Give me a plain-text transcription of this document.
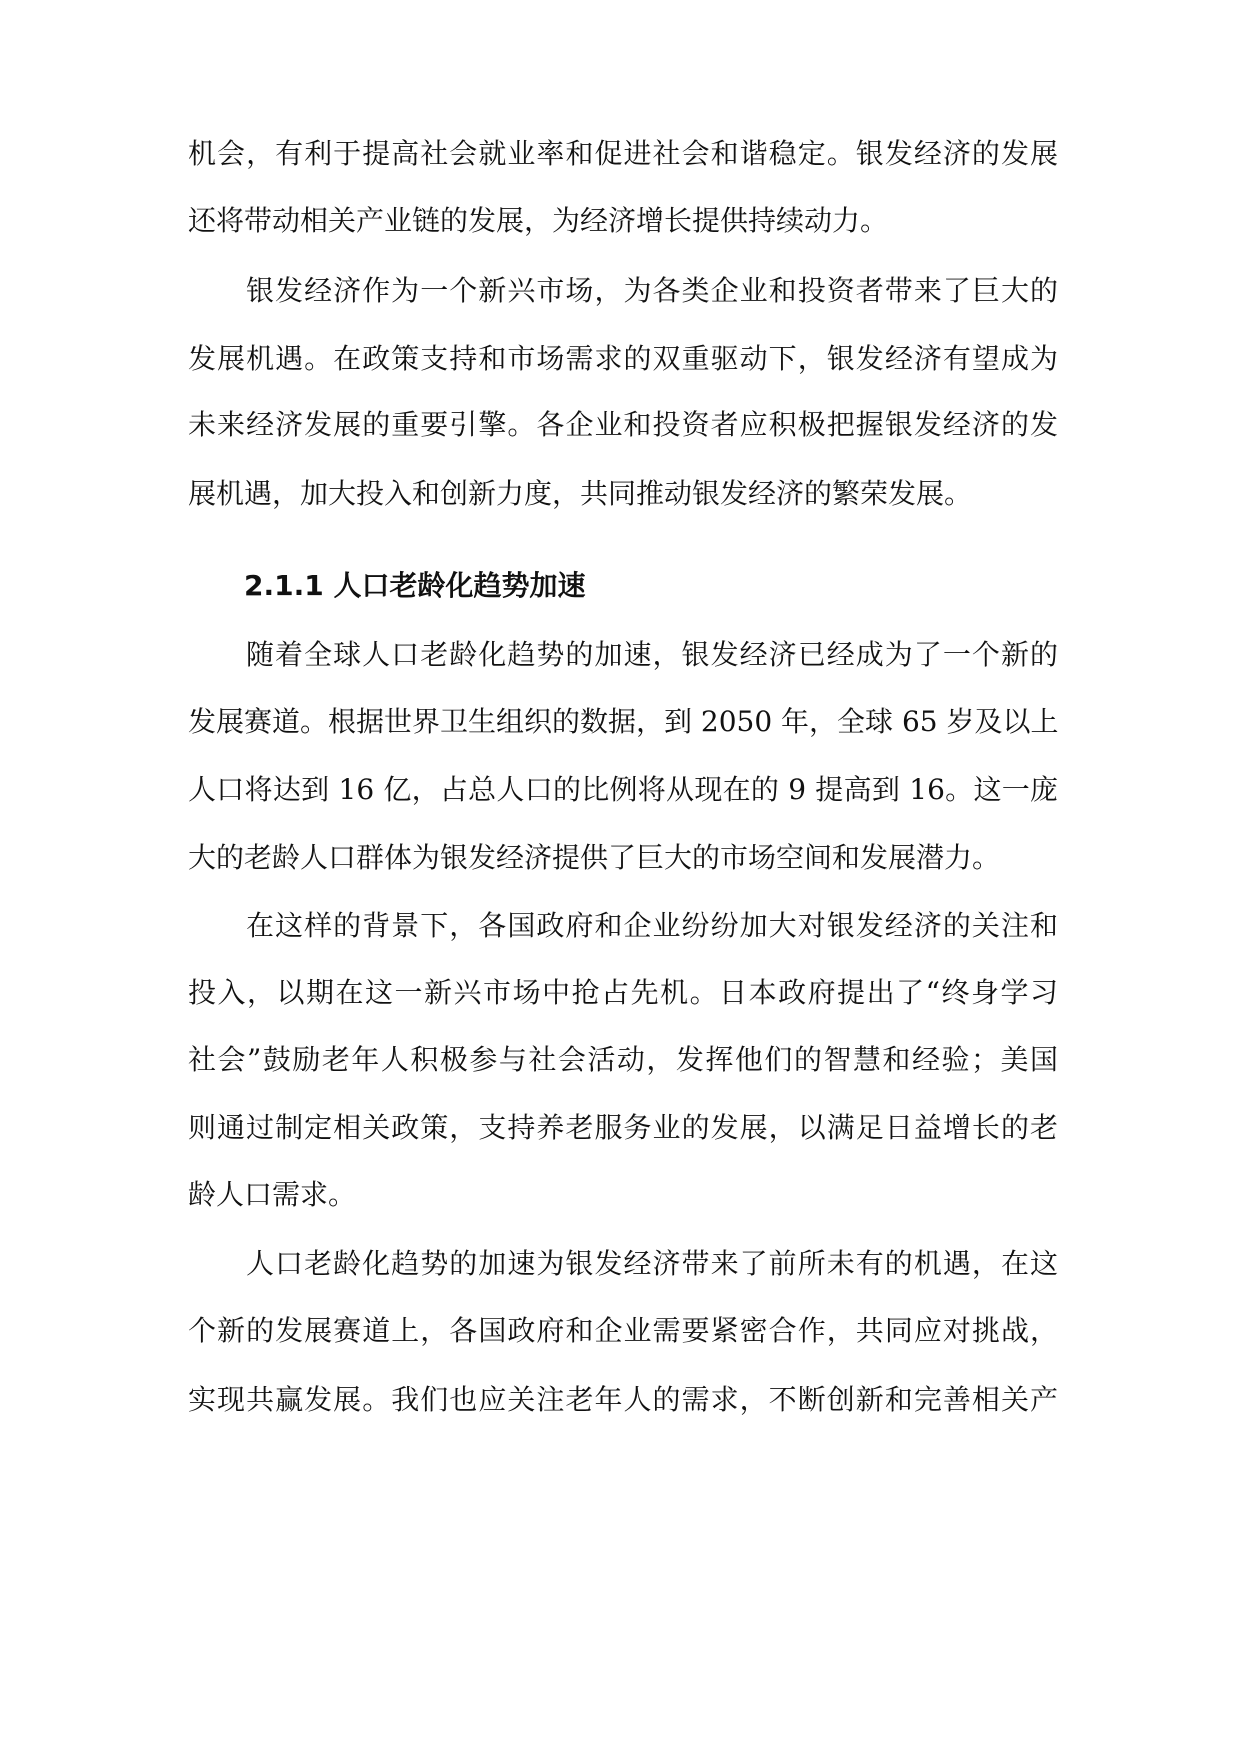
机会，有利于提高社会就业率和促进社会和谐稳定。银发经济的发展
还将带动相关产业链的发展，为经济增长提供持续动力。
银发经济作为一个新兴市场，为各类企业和投资者带来了巨大的
发展机遇。在政策支持和市场需求的双重驱动下，银发经济有望成为
未来经济发展的重要引擎。各企业和投资者应积极把握银发经济的发
展机遇，加大投入和创新力度，共同推动银发经济的繁荣发展。
2.1.1 人口老龄化趋势加速
随着全球人口老龄化趋势的加速，银发经济已经成为了一个新的
发展赛道。根据世界卫生组织的数据，到 2050 年，全球 65 岁及以上
人口将达到 16 亿，占总人口的比例将从现在的 9 提高到 16。这一庞
大的老龄人口群体为银发经济提供了巨大的市场空间和发展潜力。
在这样的背景下，各国政府和企业纷纷加大对银发经济的关注和
投入，以期在这一新兴市场中抢占先机。日本政府提出了“终身学习
社会”鼓励老年人积极参与社会活动，发挥他们的智慧和经验；美国
则通过制定相关政策，支持养老服务业的发展，以满足日益增长的老
龄人口需求。
人口老龄化趋势的加速为银发经济带来了前所未有的机遇，在这
个新的发展赛道上，各国政府和企业需要紧密合作，共同应对挑战，
实现共赢发展。我们也应关注老年人的需求，不断创新和完善相关产
